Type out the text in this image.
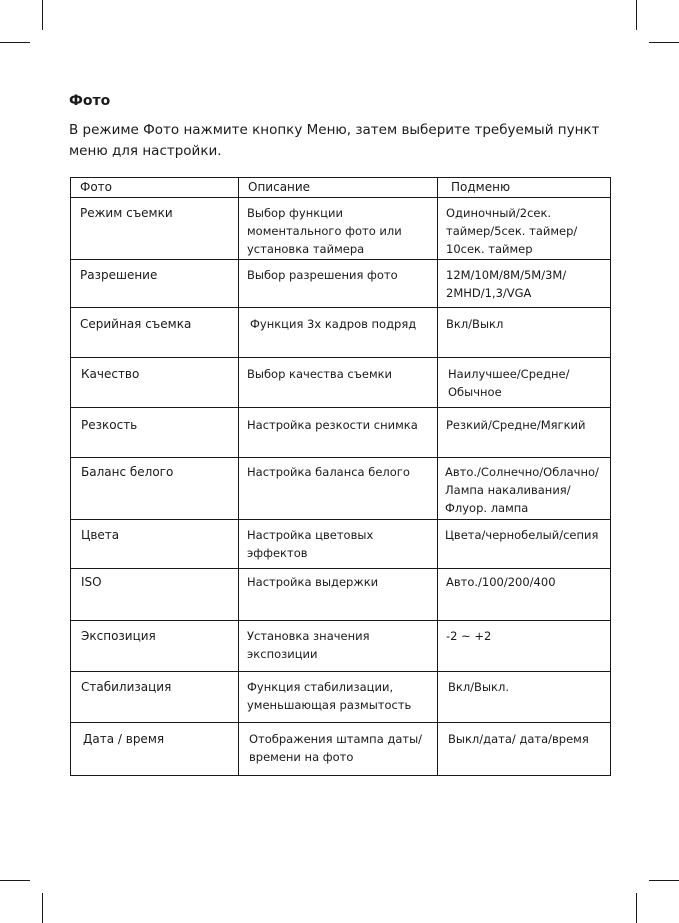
Фото
В режиме Фото нажмите кнопку Меню, затем выберите требуемый пункт меню для настройки.
Фото	Описание	Подменю
Режим съемки	Выбор функции моментального фото или установка таймера	Одиночный/2сек. таймер/5сек. таймер/ 10сек. таймер
Разрешение	Выбор разрешения фото	12M/10M/8M/5M/3M/ 2MHD/1,3/VGA
Серийная съемка	Функция 3х кадров подряд	Вкл/Выкл
Качество	Выбор качества съемки	Наилучшее/Средне/ Обычное
Резкость	Настройка резкости снимка	Резкий/Средне/Мягкий
Баланс белого	Настройка баланса белого	Авто./Солнечно/Облачно/ Лампа накаливания/ Флуор. лампа
Цвета	Настройка цветовых эффектов	Цвета/чернобелый/сепия
ISO	Настройка выдержки	Авто./100/200/400
Экспозиция	Установка значения экспозиции	-2 ~ +2
Стабилизация	Функция стабилизации, уменьшающая размытость	Вкл/Выкл.
Дата / время	Отображения штампа даты/времени на фото	Выкл/дата/ дата/время
